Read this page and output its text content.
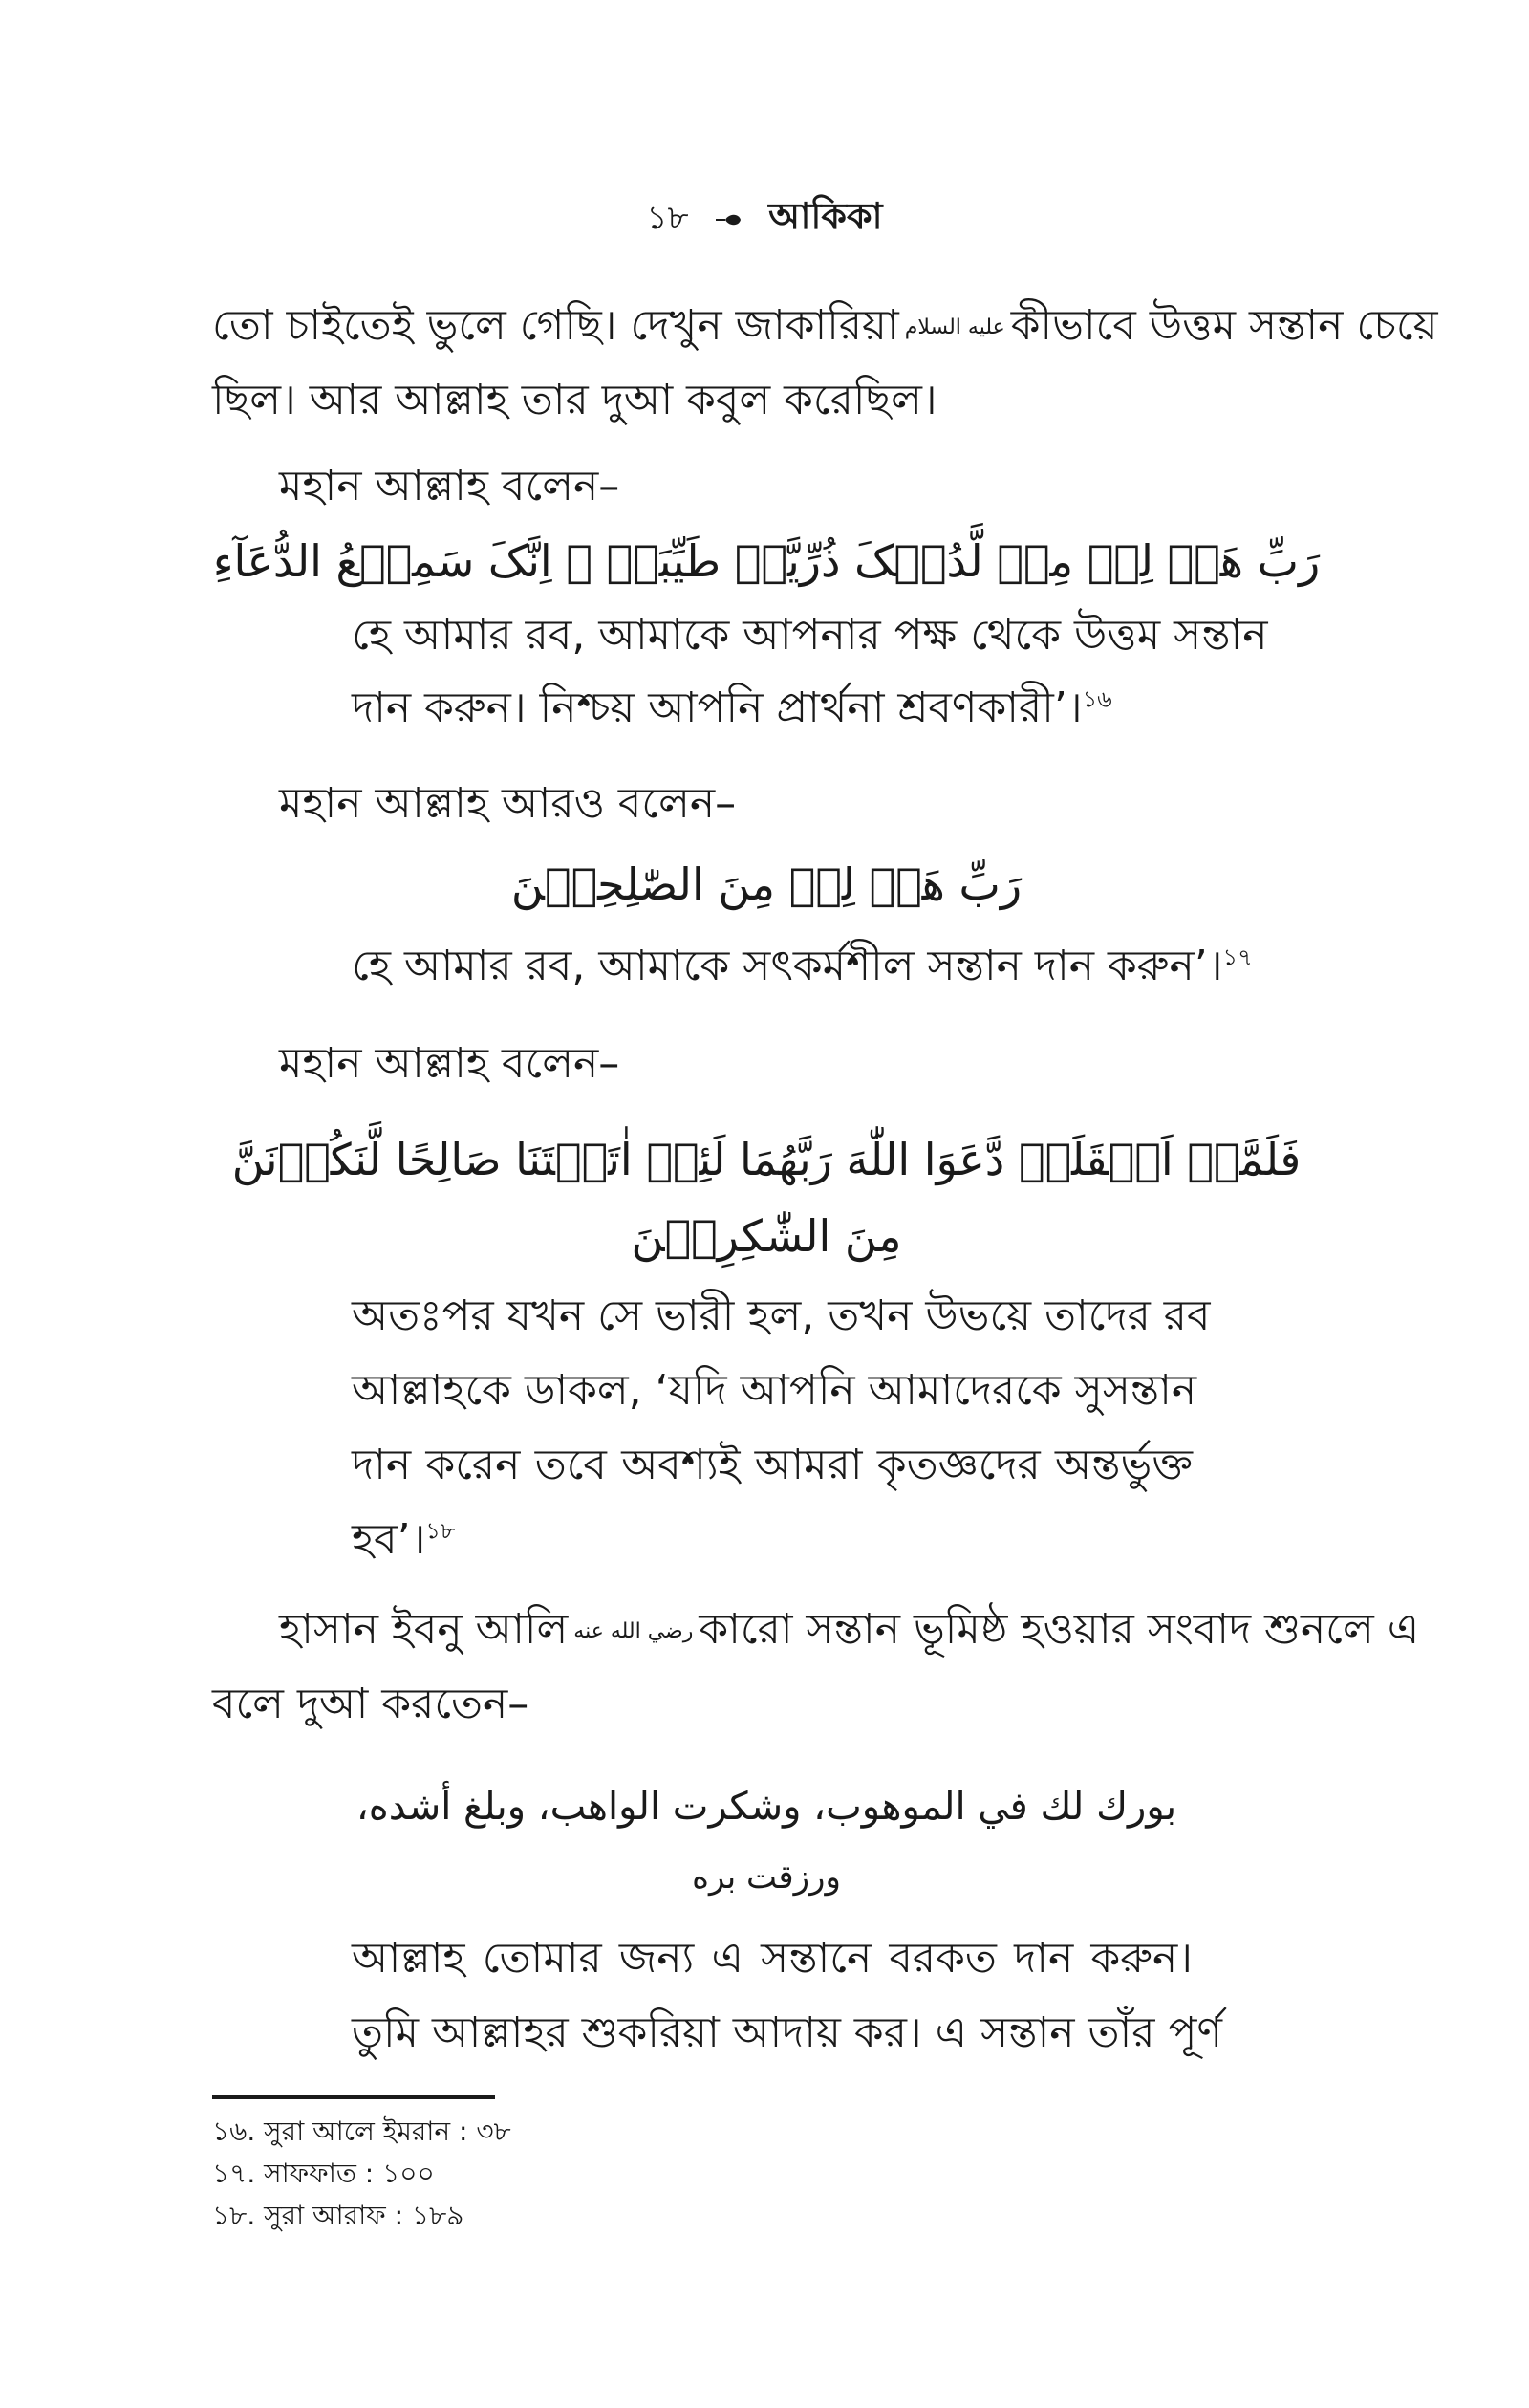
১৮ আকিকা
তো চাইতেই ভুলে গেছি। দেখুন জাকারিয়া عليه السلام কীভাবে উত্তম সন্তান চেয়ে
ছিল। আর আল্লাহ তার দুআ কবুল করেছিল।
মহান আল্লাহ বলেন–
رَبِّ هَبۡ لِیۡ مِنۡ لَّدُنۡکَ ذُرِّیَّۃً طَیِّبَۃً ۚ اِنَّکَ سَمِیۡعُ الدُّعَآءِ
হে আমার রব, আমাকে আপনার পক্ষ থেকে উত্তম সন্তান
দান করুন। নিশ্চয় আপনি প্রার্থনা শ্রবণকারী’।$^{১৬}$
মহান আল্লাহ আরও বলেন–
رَبِّ هَبۡ لِیۡ مِنَ الصّٰلِحِیۡنَ
হে আমার রব, আমাকে সৎকর্মশীল সন্তান দান করুন’।$^{১৭}$
মহান আল্লাহ বলেন–
فَلَمَّاۤ اَثۡقَلَتۡ دَّعَوَا اللّٰهَ رَبَّهُمَا لَئِنۡ اٰتَیۡتَنَا صَالِحًا لَّنَكُوۡنَنَّ
مِنَ الشّٰكِرِیۡنَ
অতঃপর যখন সে ভারী হল, তখন উভয়ে তাদের রব
আল্লাহকে ডাকল, ‘যদি আপনি আমাদেরকে সুসন্তান
দান করেন তবে অবশ্যই আমরা কৃতজ্ঞদের অন্তর্ভুক্ত
হব’।$^{১৮}$
হাসান ইবনু আলি رضي الله عنه কারো সন্তান ভূমিষ্ঠ হওয়ার সংবাদ শুনলে এ
বলে দুআ করতেন–
بورك لك في الموهوب، وشكرت الواهب، وبلغ أشده،
ورزقت بره
আল্লাহ তোমার জন্য এ সন্তানে বরকত দান করুন।
তুমি আল্লাহর শুকরিয়া আদায় কর। এ সন্তান তাঁর পূর্ণ
১৬. সুরা আলে ইমরান : ৩৮
১৭. সাফফাত : ১০০
১৮. সুরা আরাফ : ১৮৯
